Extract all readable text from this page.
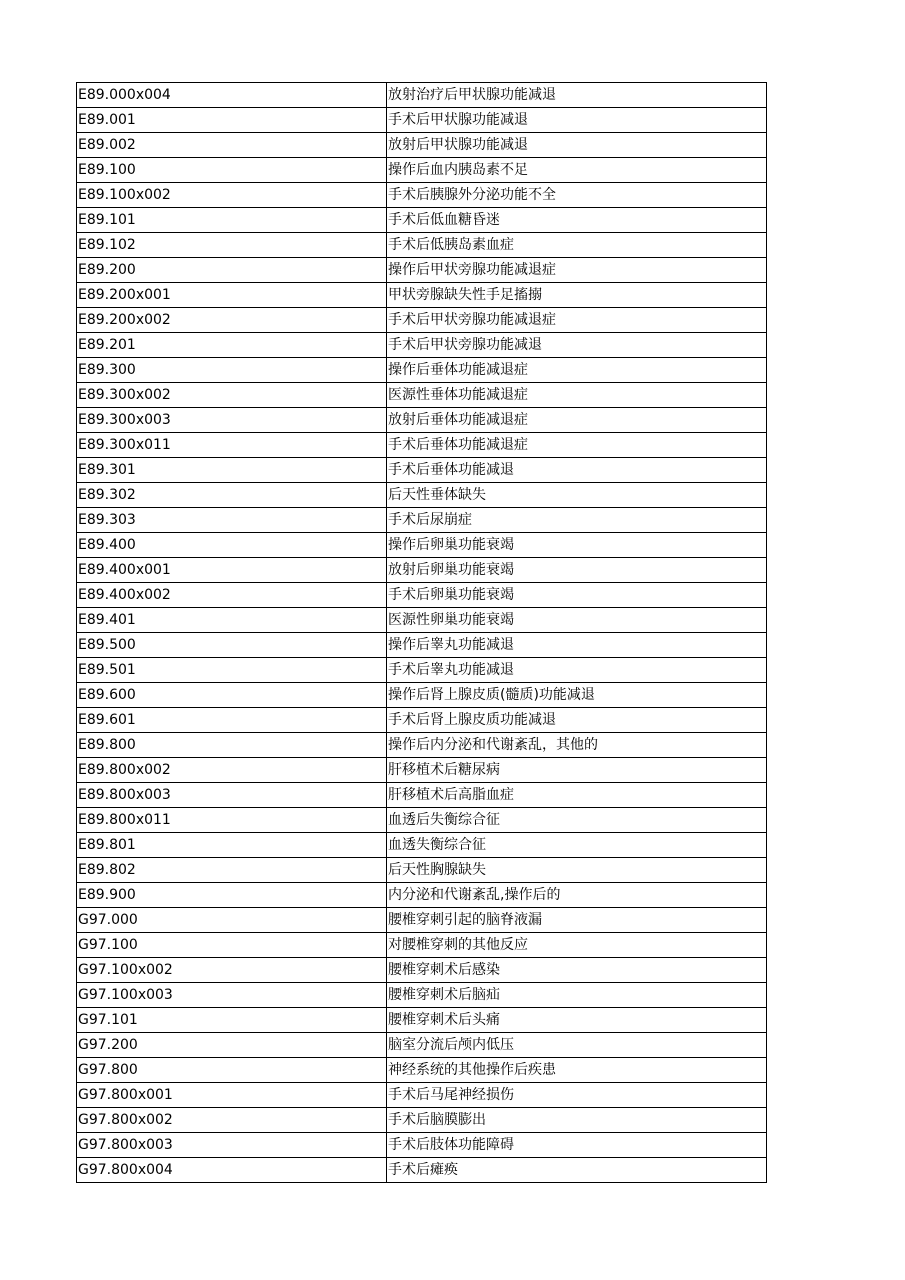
E89.000x004	放射治疗后甲状腺功能减退
E89.001	手术后甲状腺功能减退
E89.002	放射后甲状腺功能减退
E89.100	操作后血内胰岛素不足
E89.100x002	手术后胰腺外分泌功能不全
E89.101	手术后低血糖昏迷
E89.102	手术后低胰岛素血症
E89.200	操作后甲状旁腺功能减退症
E89.200x001	甲状旁腺缺失性手足搐搦
E89.200x002	手术后甲状旁腺功能减退症
E89.201	手术后甲状旁腺功能减退
E89.300	操作后垂体功能减退症
E89.300x002	医源性垂体功能减退症
E89.300x003	放射后垂体功能减退症
E89.300x011	手术后垂体功能减退症
E89.301	手术后垂体功能减退
E89.302	后天性垂体缺失
E89.303	手术后尿崩症
E89.400	操作后卵巢功能衰竭
E89.400x001	放射后卵巢功能衰竭
E89.400x002	手术后卵巢功能衰竭
E89.401	医源性卵巢功能衰竭
E89.500	操作后睾丸功能减退
E89.501	手术后睾丸功能减退
E89.600	操作后肾上腺皮质(髓质)功能减退
E89.601	手术后肾上腺皮质功能减退
E89.800	操作后内分泌和代谢紊乱，其他的
E89.800x002	肝移植术后糖尿病
E89.800x003	肝移植术后高脂血症
E89.800x011	血透后失衡综合征
E89.801	血透失衡综合征
E89.802	后天性胸腺缺失
E89.900	内分泌和代谢紊乱,操作后的
G97.000	腰椎穿刺引起的脑脊液漏
G97.100	对腰椎穿刺的其他反应
G97.100x002	腰椎穿刺术后感染
G97.100x003	腰椎穿刺术后脑疝
G97.101	腰椎穿刺术后头痛
G97.200	脑室分流后颅内低压
G97.800	神经系统的其他操作后疾患
G97.800x001	手术后马尾神经损伤
G97.800x002	手术后脑膜膨出
G97.800x003	手术后肢体功能障碍
G97.800x004	手术后瘫痪
